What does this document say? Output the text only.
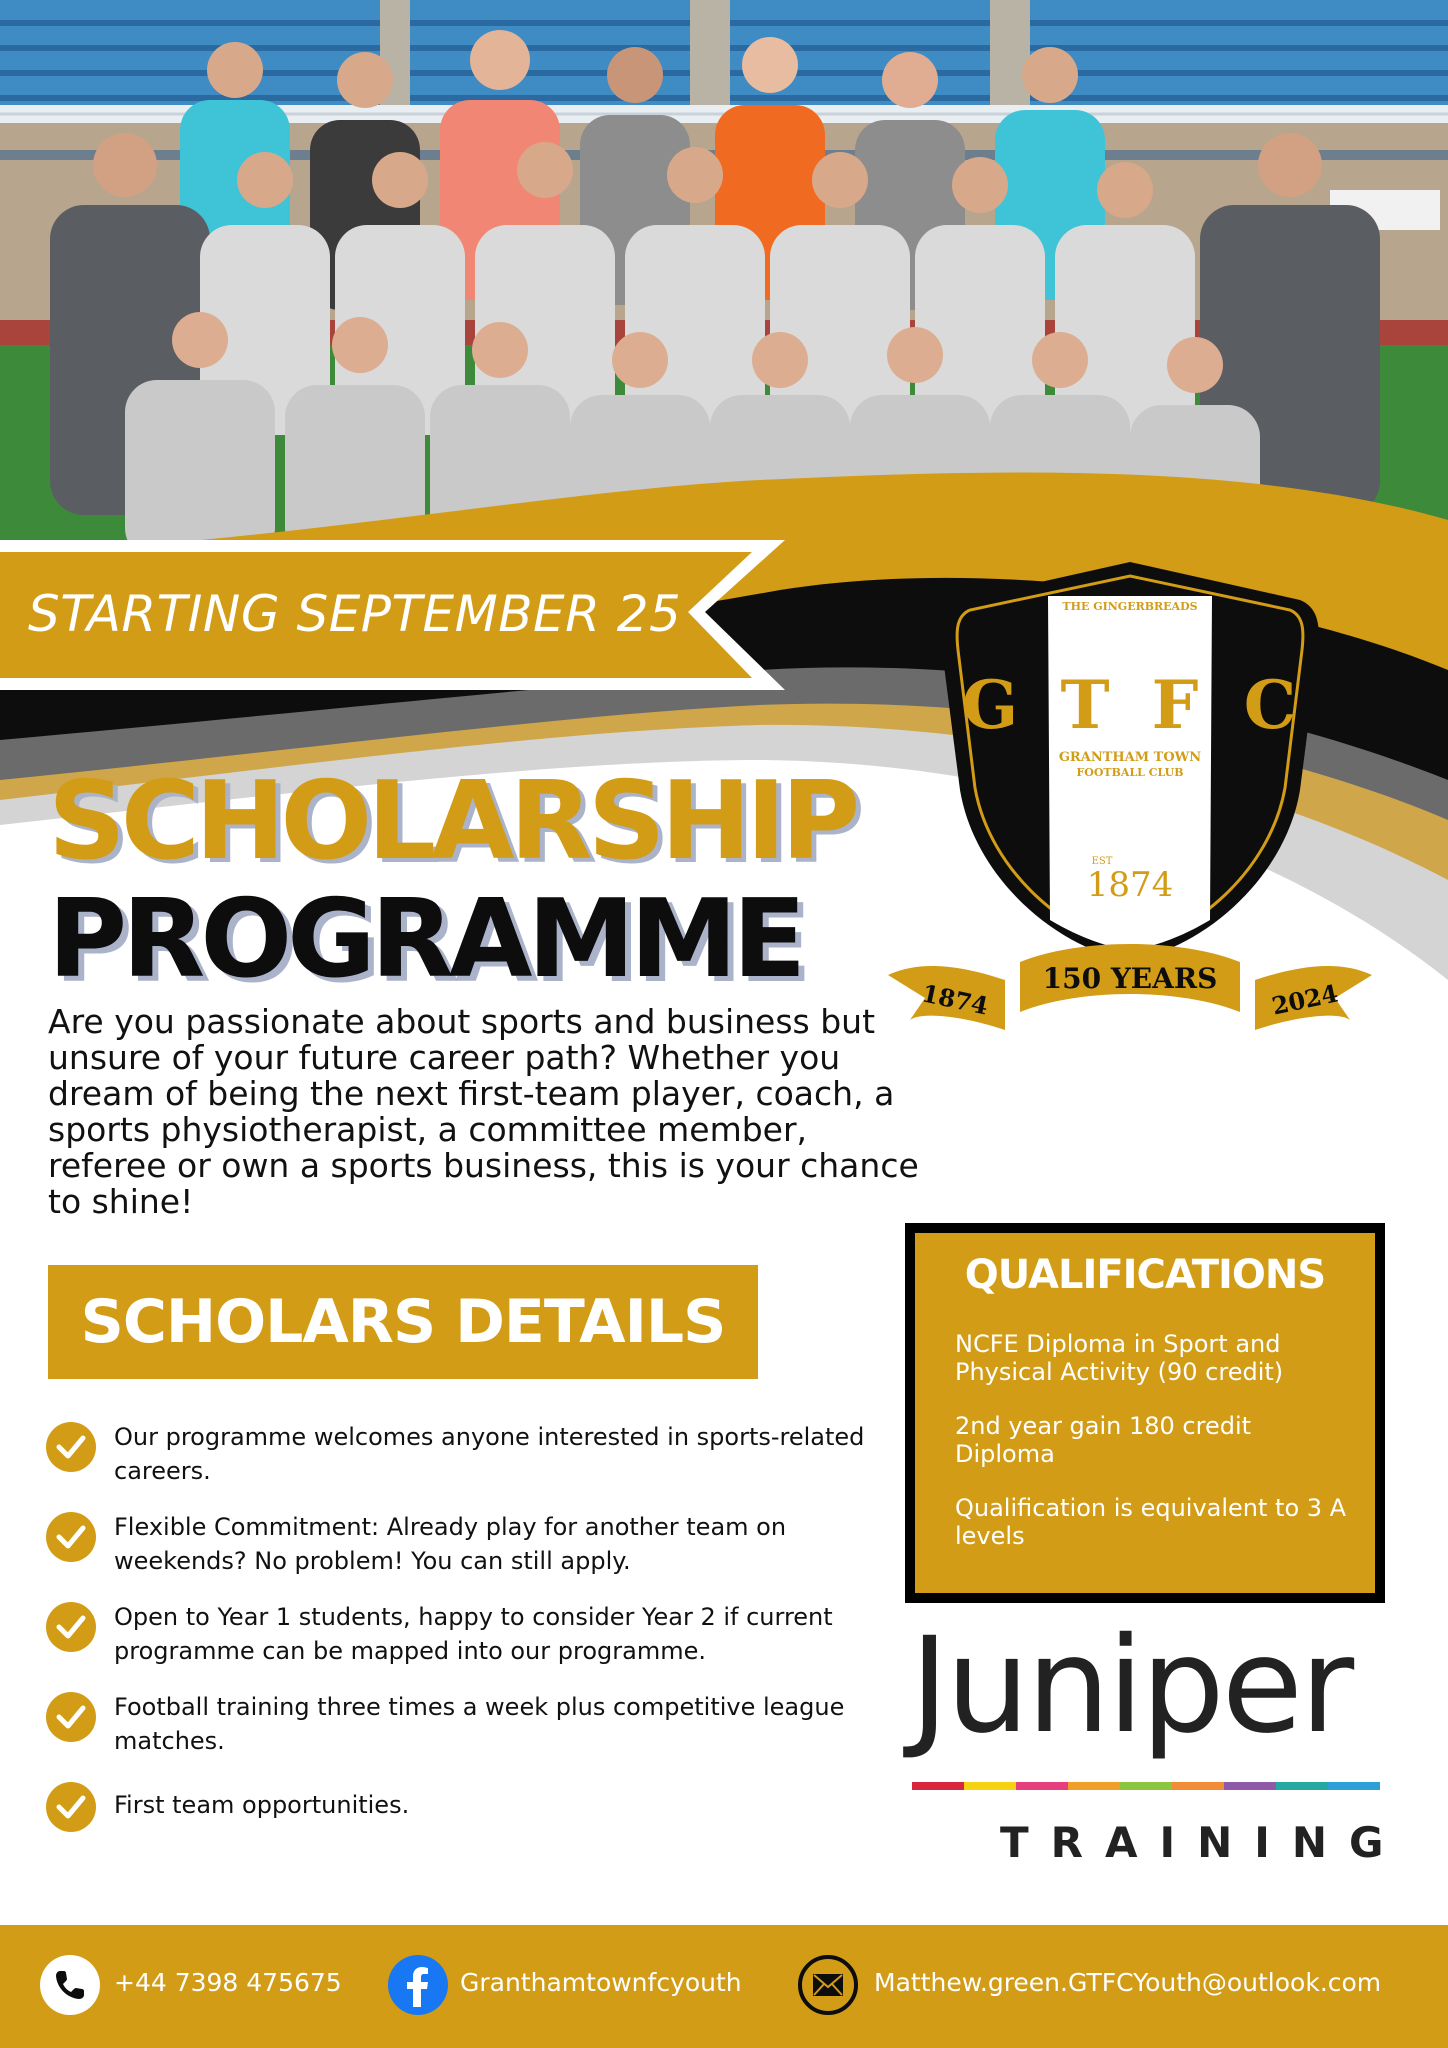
STARTING SEPTEMBER 25	THE GINGERBREADS
G T F C
GRANTHAM TOWN
FOOTBALL CLUB
EST
1874
1874 150 YEARS 2024
SCHOLARSHIP
PROGRAMME
Are you passionate about sports and business but unsure of your future career path? Whether you dream of being the next first-team player, coach, a sports physiotherapist, a committee member, referee or own a sports business, this is your chance to shine!
SCHOLARS DETAILS
Our programme welcomes anyone interested in sports-related careers.
Flexible Commitment: Already play for another team on weekends? No problem! You can still apply.
Open to Year 1 students, happy to consider Year 2 if current programme can be mapped into our programme.
Football training three times a week plus competitive league matches.
First team opportunities.
QUALIFICATIONS
NCFE Diploma in Sport and Physical Activity (90 credit)
2nd year gain 180 credit Diploma
Qualification is equivalent to 3 A levels
Juniper
TRAINING
+44 7398 475675	Granthamtownfcyouth	Matthew.green.GTFCYouth@outlook.com
